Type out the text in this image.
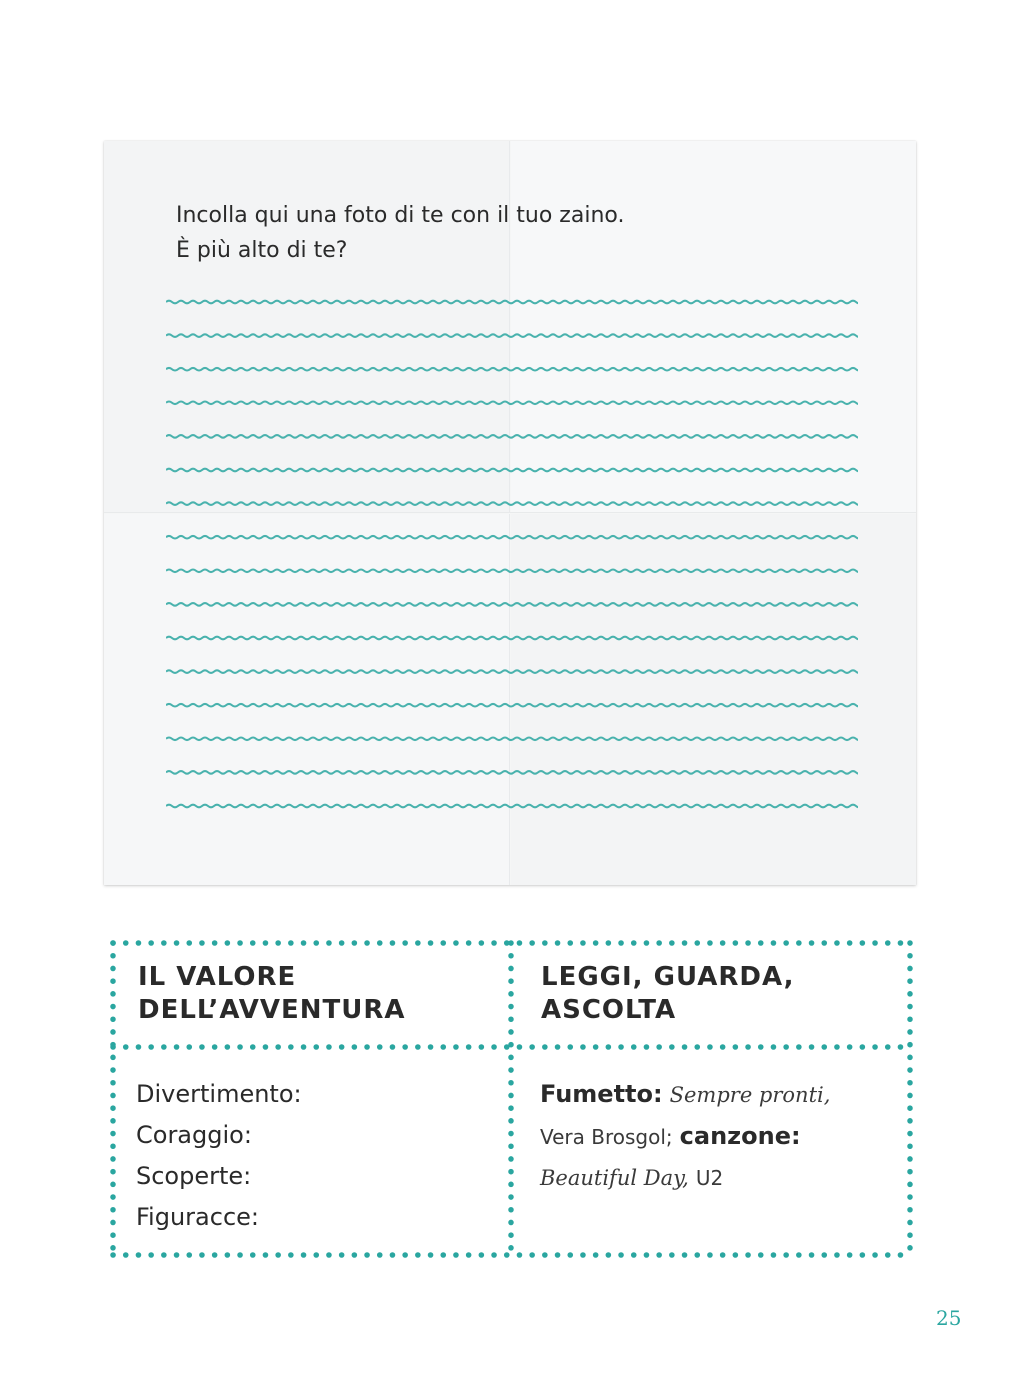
Incolla qui una foto di te con il tuo zaino.
È più alto di te?
IL VALORE
DELL’AVVENTURA
LEGGI, GUARDA,
ASCOLTA
Divertimento:
Coraggio:
Scoperte:
Figuracce:
Fumetto: Sempre pronti,
Vera Brosgol; canzone:
Beautiful Day, U2
25
